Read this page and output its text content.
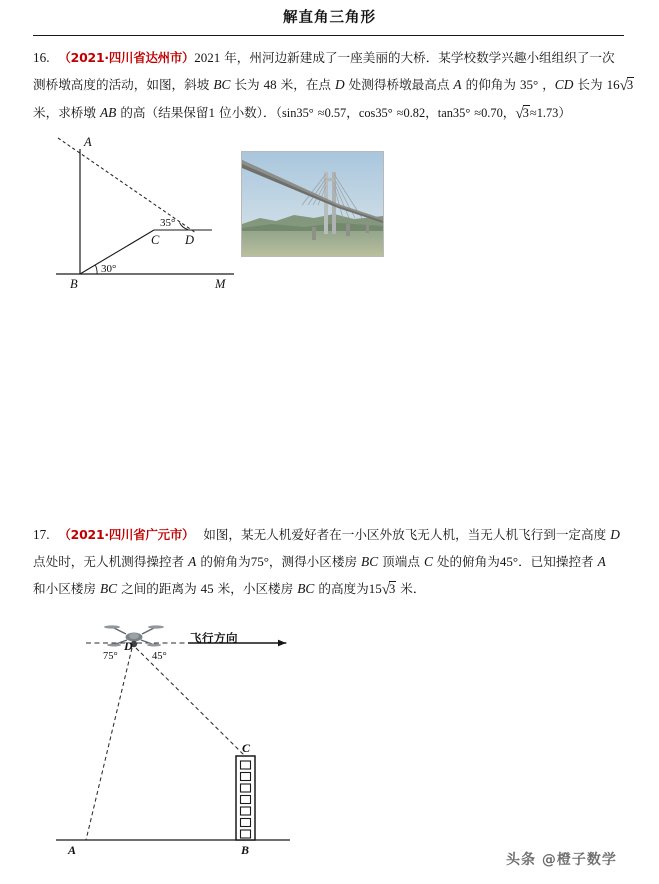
解直角三角形
16. （2021·四川省达州市）2021 年，州河边新建成了一座美丽的大桥．某学校数学兴趣小组组织了一次
测桥墩高度的活动，如图，斜坡 BC 长为 48 米，在点 D 处测得桥墩最高点 A 的仰角为 35° ，CD 长为 16√3
米，求桥墩 AB 的高（结果保留1 位小数）．（sin35° ≈0.57，cos35° ≈0.82，tan35° ≈0.70，√3≈1.73）
A
B
C D
M
35°
30°
17. （2021·四川省广元市） 如图，某无人机爱好者在一小区外放飞无人机，当无人机飞行到一定高度 D
点处时，无人机测得操控者 A 的俯角为75°，测得小区楼房 BC 顶端点 C 处的俯角为45°．已知操控者 A
和小区楼房 BC 之间的距离为 45 米，小区楼房 BC 的高度为15√3 米．
75°	45°
D
A	B
C
飞行方向
头条 @橙子数学
